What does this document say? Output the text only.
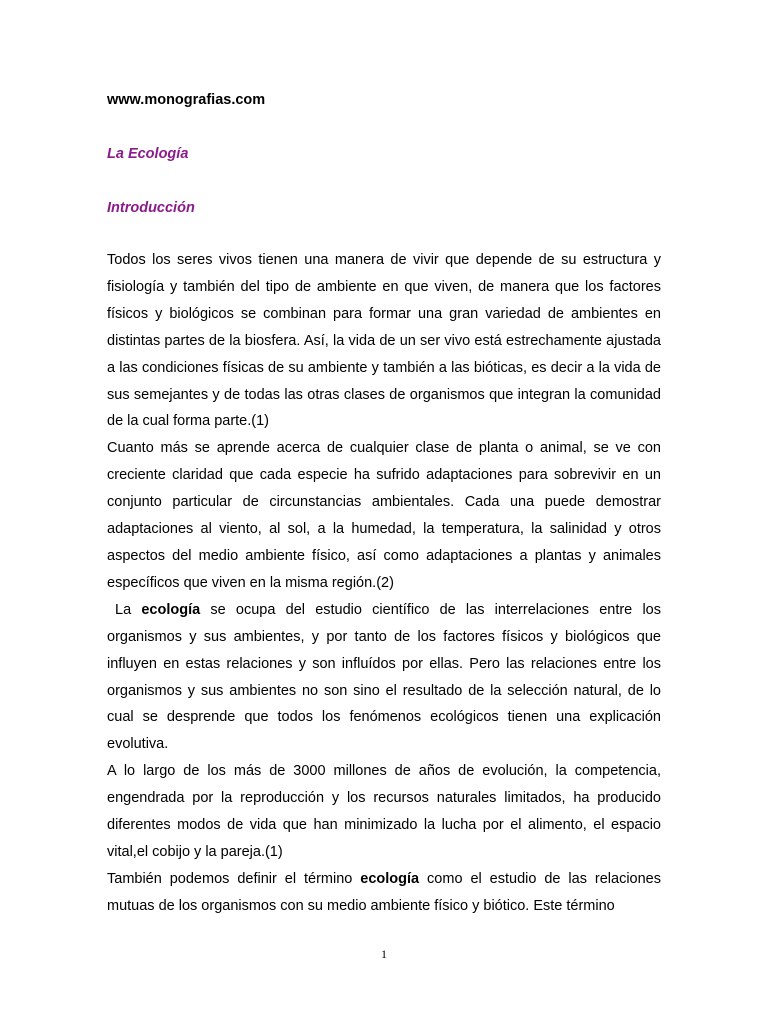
www.monografias.com
La Ecología
Introducción

Todos los seres vivos tienen una manera de vivir que depende de su estructura y fisiología y también del tipo de ambiente en que viven, de manera que los factores físicos y biológicos se combinan para formar una gran variedad de ambientes en distintas partes de la biosfera. Así, la vida de un ser vivo está estrechamente ajustada a las condiciones físicas de su ambiente y también a las bióticas, es decir a la vida de sus semejantes y de todas las otras clases de organismos que integran la comunidad de la cual forma parte.(1)

Cuanto más se aprende acerca de cualquier clase de planta o animal, se ve con creciente claridad que cada especie ha sufrido adaptaciones para sobrevivir en un conjunto particular de circunstancias ambientales. Cada una puede demostrar adaptaciones al viento, al sol, a la humedad, la temperatura, la salinidad y otros aspectos del medio ambiente físico, así como adaptaciones a plantas y animales específicos que viven en la misma región.(2)

La ecología se ocupa del estudio científico de las interrelaciones entre los organismos y sus ambientes, y por tanto de los factores físicos y biológicos que influyen en estas relaciones y son influídos por ellas. Pero las relaciones entre los organismos y sus ambientes no son sino el resultado de la selección natural, de lo cual se desprende que todos los fenómenos ecológicos tienen una explicación evolutiva.

A lo largo de los más de 3000 millones de años de evolución, la competencia, engendrada por la reproducción y los recursos naturales limitados, ha producido diferentes modos de vida que han minimizado la lucha por el alimento, el espacio vital,el cobijo y la pareja.(1)

También podemos definir el término ecología como el estudio de las relaciones mutuas de los organismos con su medio ambiente físico y biótico. Este término

1
